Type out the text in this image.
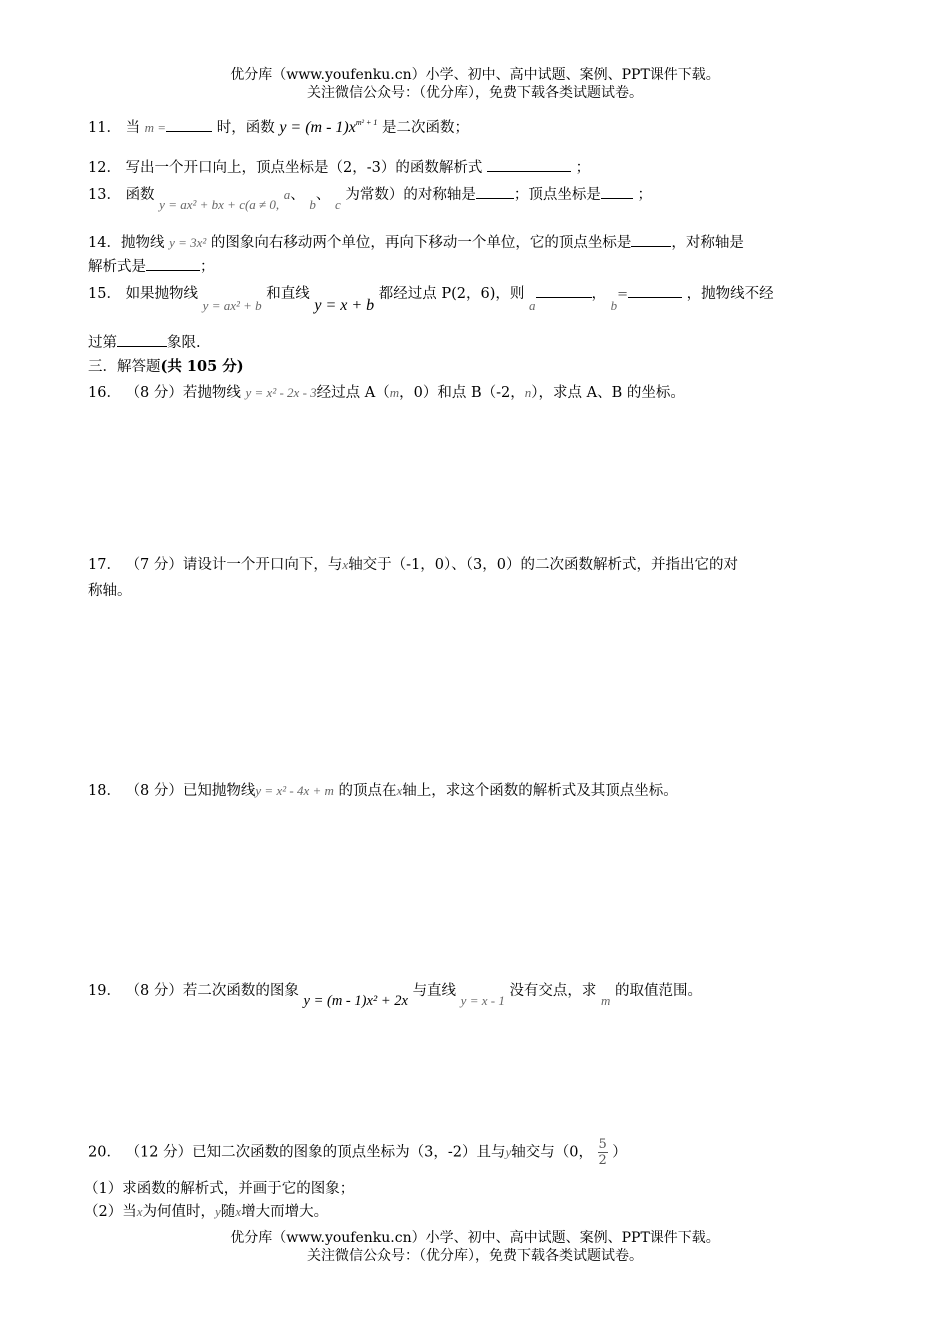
优分库（www.youfenku.cn）小学、初中、高中试题、案例、PPT课件下载。
关注微信公众号：（优分库），免费下载各类试题试卷。
11． 当 m =	时，函数 $y = (m - 1)x^{m^2 + 1}$ 是二次函数；
12． 写出一个开口向上，顶点坐标是（2，-3）的函数解析式	；
13． 函数 y = ax² + bx + c(a ≠ 0, a、 b、 c 为常数）的对称轴是	；顶点坐标是	；
14．抛物线 y = 3x² 的图象向右移动两个单位，再向下移动一个单位，它的顶点坐标是	，对称轴是
解析式是	；
15． 如果抛物线 y = ax² + b 和直线 y = x + b 都经过点 P(2，6)，则 a， b=	，抛物线不经
过第	象限.
三．解答题(共 105 分)
16． （8 分）若抛物线 y = x² - 2x - 3经过点 A（m，0）和点 B（-2，n），求点 A、B 的坐标。
17． （7 分）请设计一个开口向下，与x轴交于（-1，0）、（3，0）的二次函数解析式，并指出它的对
称轴。
18． （8 分）已知抛物线y = x² - 4x + m 的顶点在x轴上，求这个函数的解析式及其顶点坐标。
19． （8 分）若二次函数的图象 y = (m - 1)x² + 2x 与直线 y = x - 1 没有交点，求 m 的取值范围。
20． （12 分）已知二次函数的图象的顶点坐标为（3，-2）且与y轴交与（0， $\frac{5}{2}$ ）
（1）求函数的解析式，并画于它的图象；
（2）当x为何值时，y随x增大而增大。
优分库（www.youfenku.cn）小学、初中、高中试题、案例、PPT课件下载。
关注微信公众号：（优分库），免费下载各类试题试卷。
